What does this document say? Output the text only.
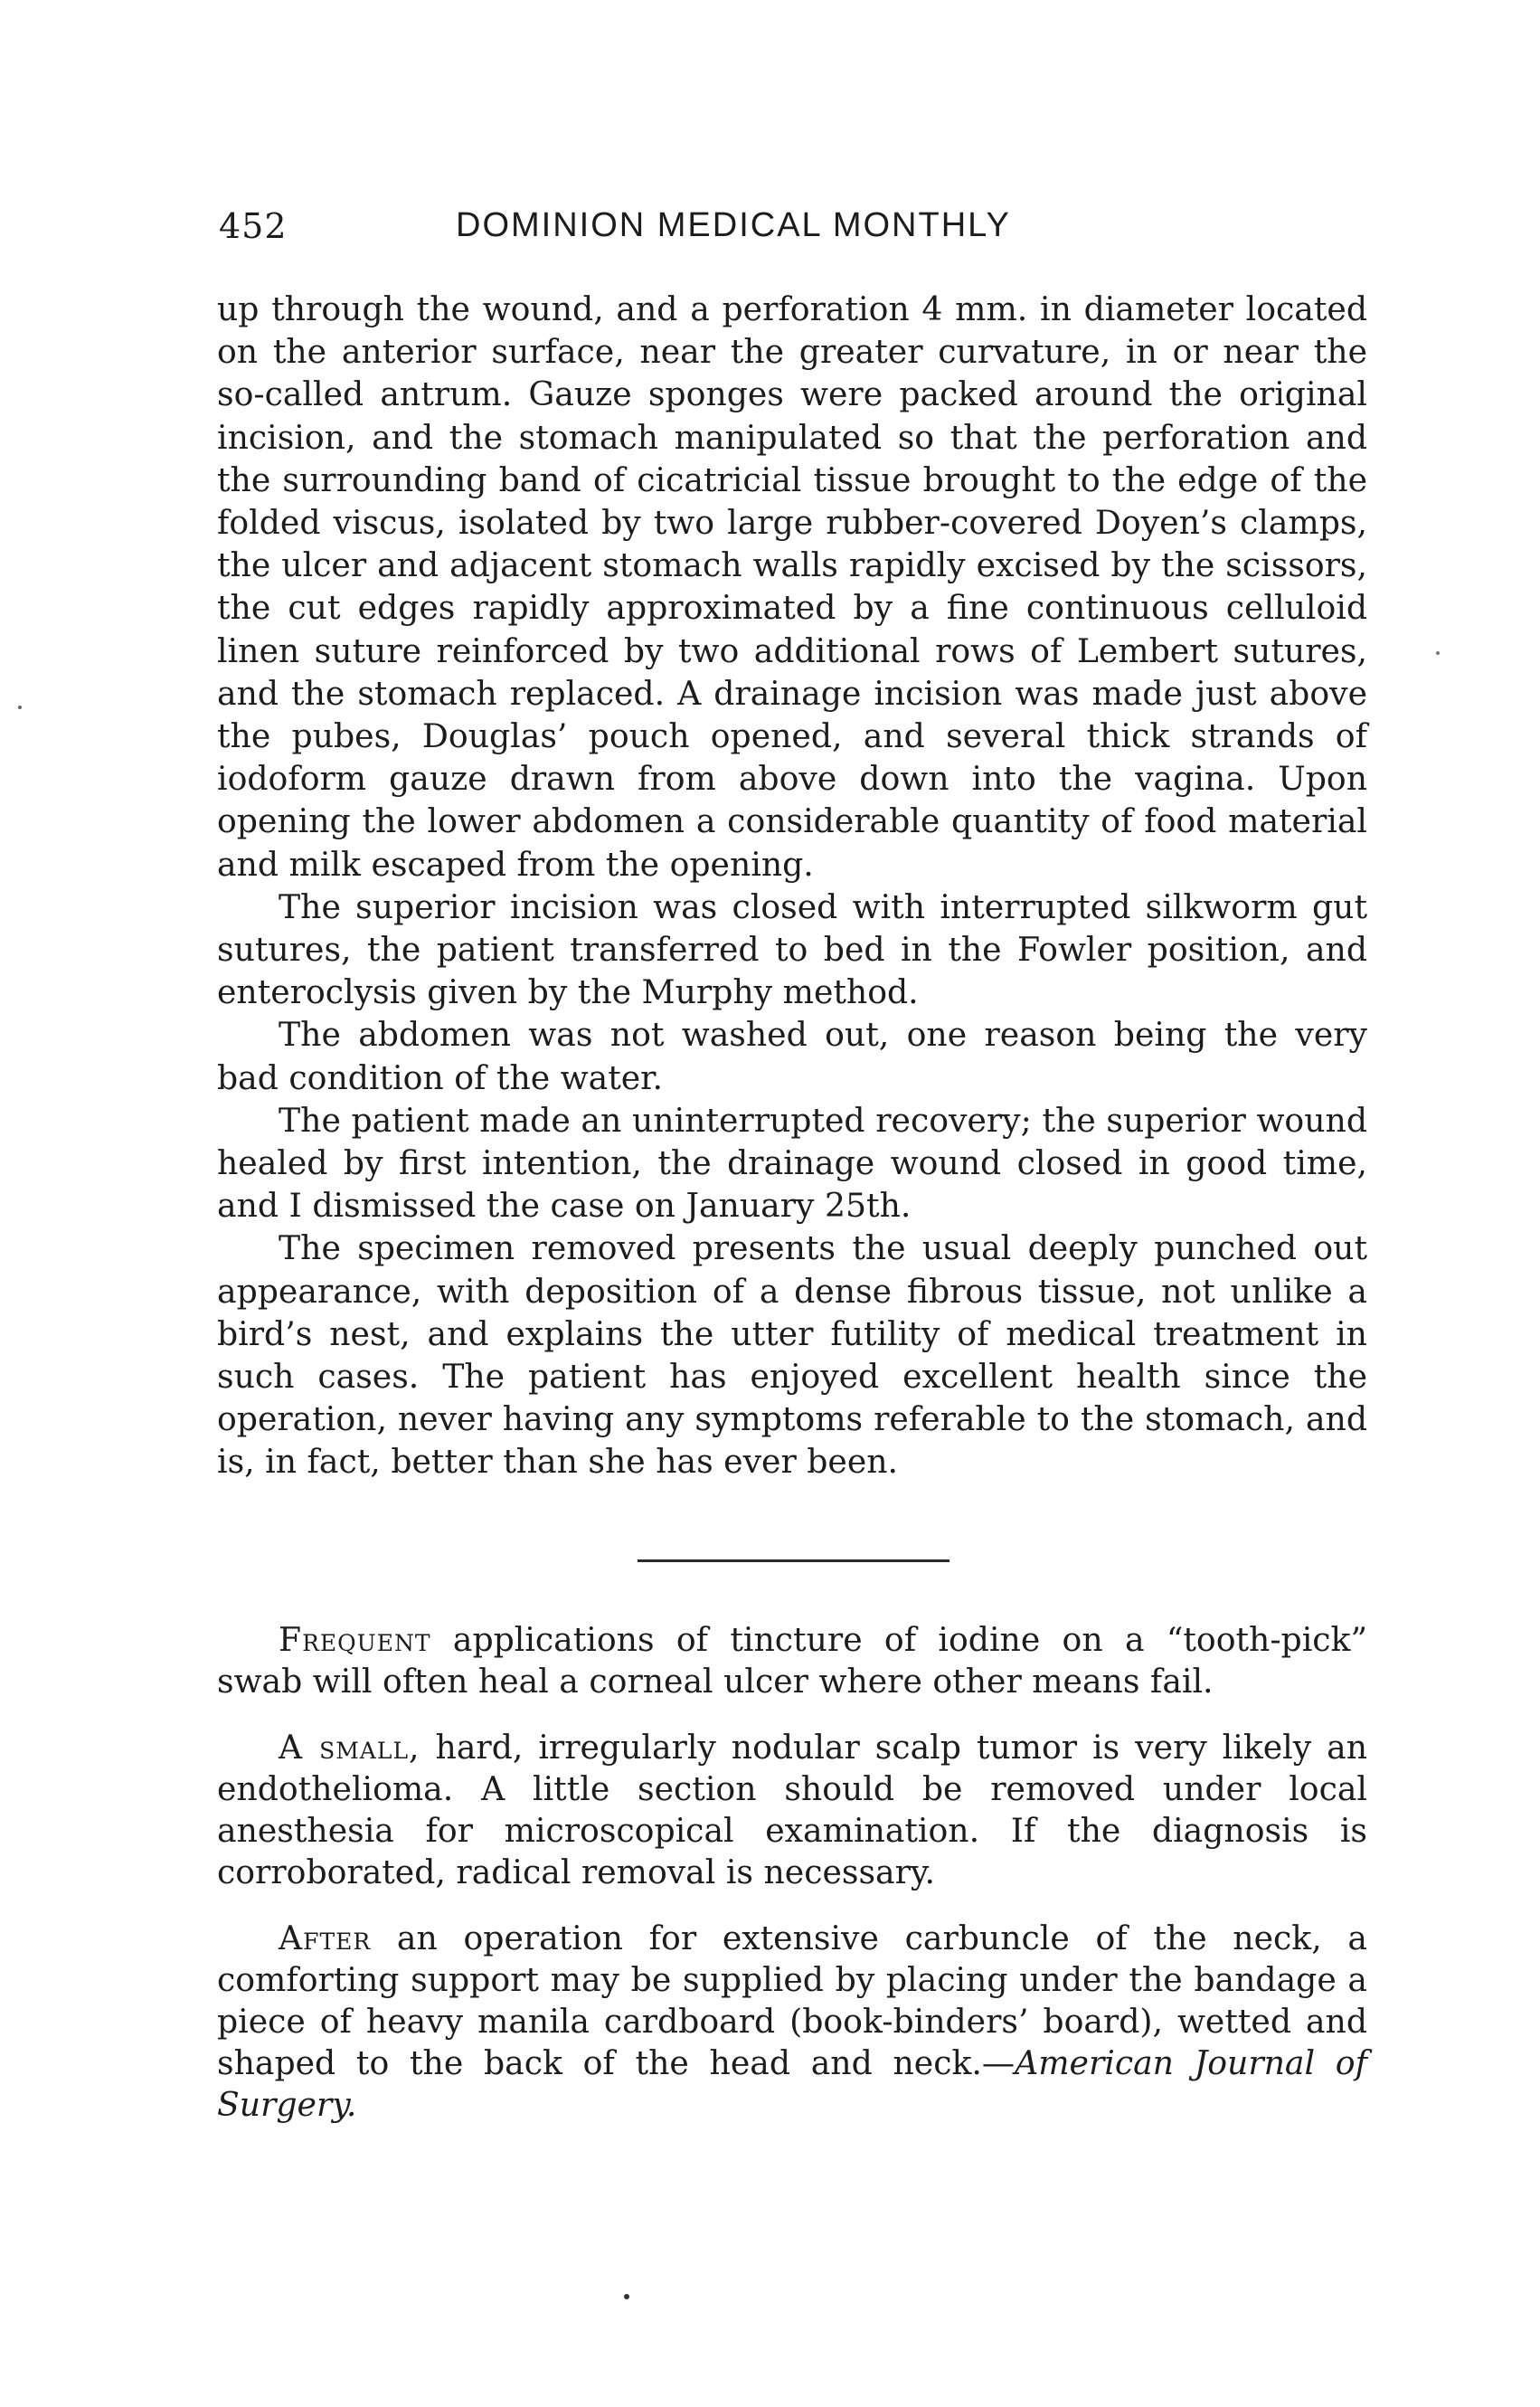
452	DOMINION MEDICAL MONTHLY

up through the wound, and a perforation 4 mm. in diameter located on the anterior surface, near the greater curvature, in or near the so-called antrum. Gauze sponges were packed around the original incision, and the stomach manipulated so that the perforation and the surrounding band of cicatricial tissue brought to the edge of the folded viscus, isolated by two large rubber-covered Doyen’s clamps, the ulcer and adjacent stomach walls rapidly excised by the scissors, the cut edges rapidly approximated by a fine continuous celluloid linen suture reinforced by two additional rows of Lembert sutures, and the stomach replaced. A drainage incision was made just above the pubes, Douglas’ pouch opened, and several thick strands of iodoform gauze drawn from above down into the vagina. Upon opening the lower abdomen a considerable quantity of food material and milk escaped from the opening.

The superior incision was closed with interrupted silkworm gut sutures, the patient transferred to bed in the Fowler position, and enteroclysis given by the Murphy method.

The abdomen was not washed out, one reason being the very bad condition of the water.

The patient made an uninterrupted recovery; the superior wound healed by first intention, the drainage wound closed in good time, and I dismissed the case on January 25th.

The specimen removed presents the usual deeply punched out appearance, with deposition of a dense fibrous tissue, not unlike a bird’s nest, and explains the utter futility of medical treatment in such cases. The patient has enjoyed excellent health since the operation, never having any symptoms referable to the stomach, and is, in fact, better than she has ever been.

Frequent applications of tincture of iodine on a “tooth-pick” swab will often heal a corneal ulcer where other means fail.

A small, hard, irregularly nodular scalp tumor is very likely an endothelioma. A little section should be removed under local anesthesia for microscopical examination. If the diagnosis is corroborated, radical removal is necessary.

After an operation for extensive carbuncle of the neck, a comforting support may be supplied by placing under the bandage a piece of heavy manila cardboard (book-binders’ board), wetted and shaped to the back of the head and neck.—American Journal of Surgery.
